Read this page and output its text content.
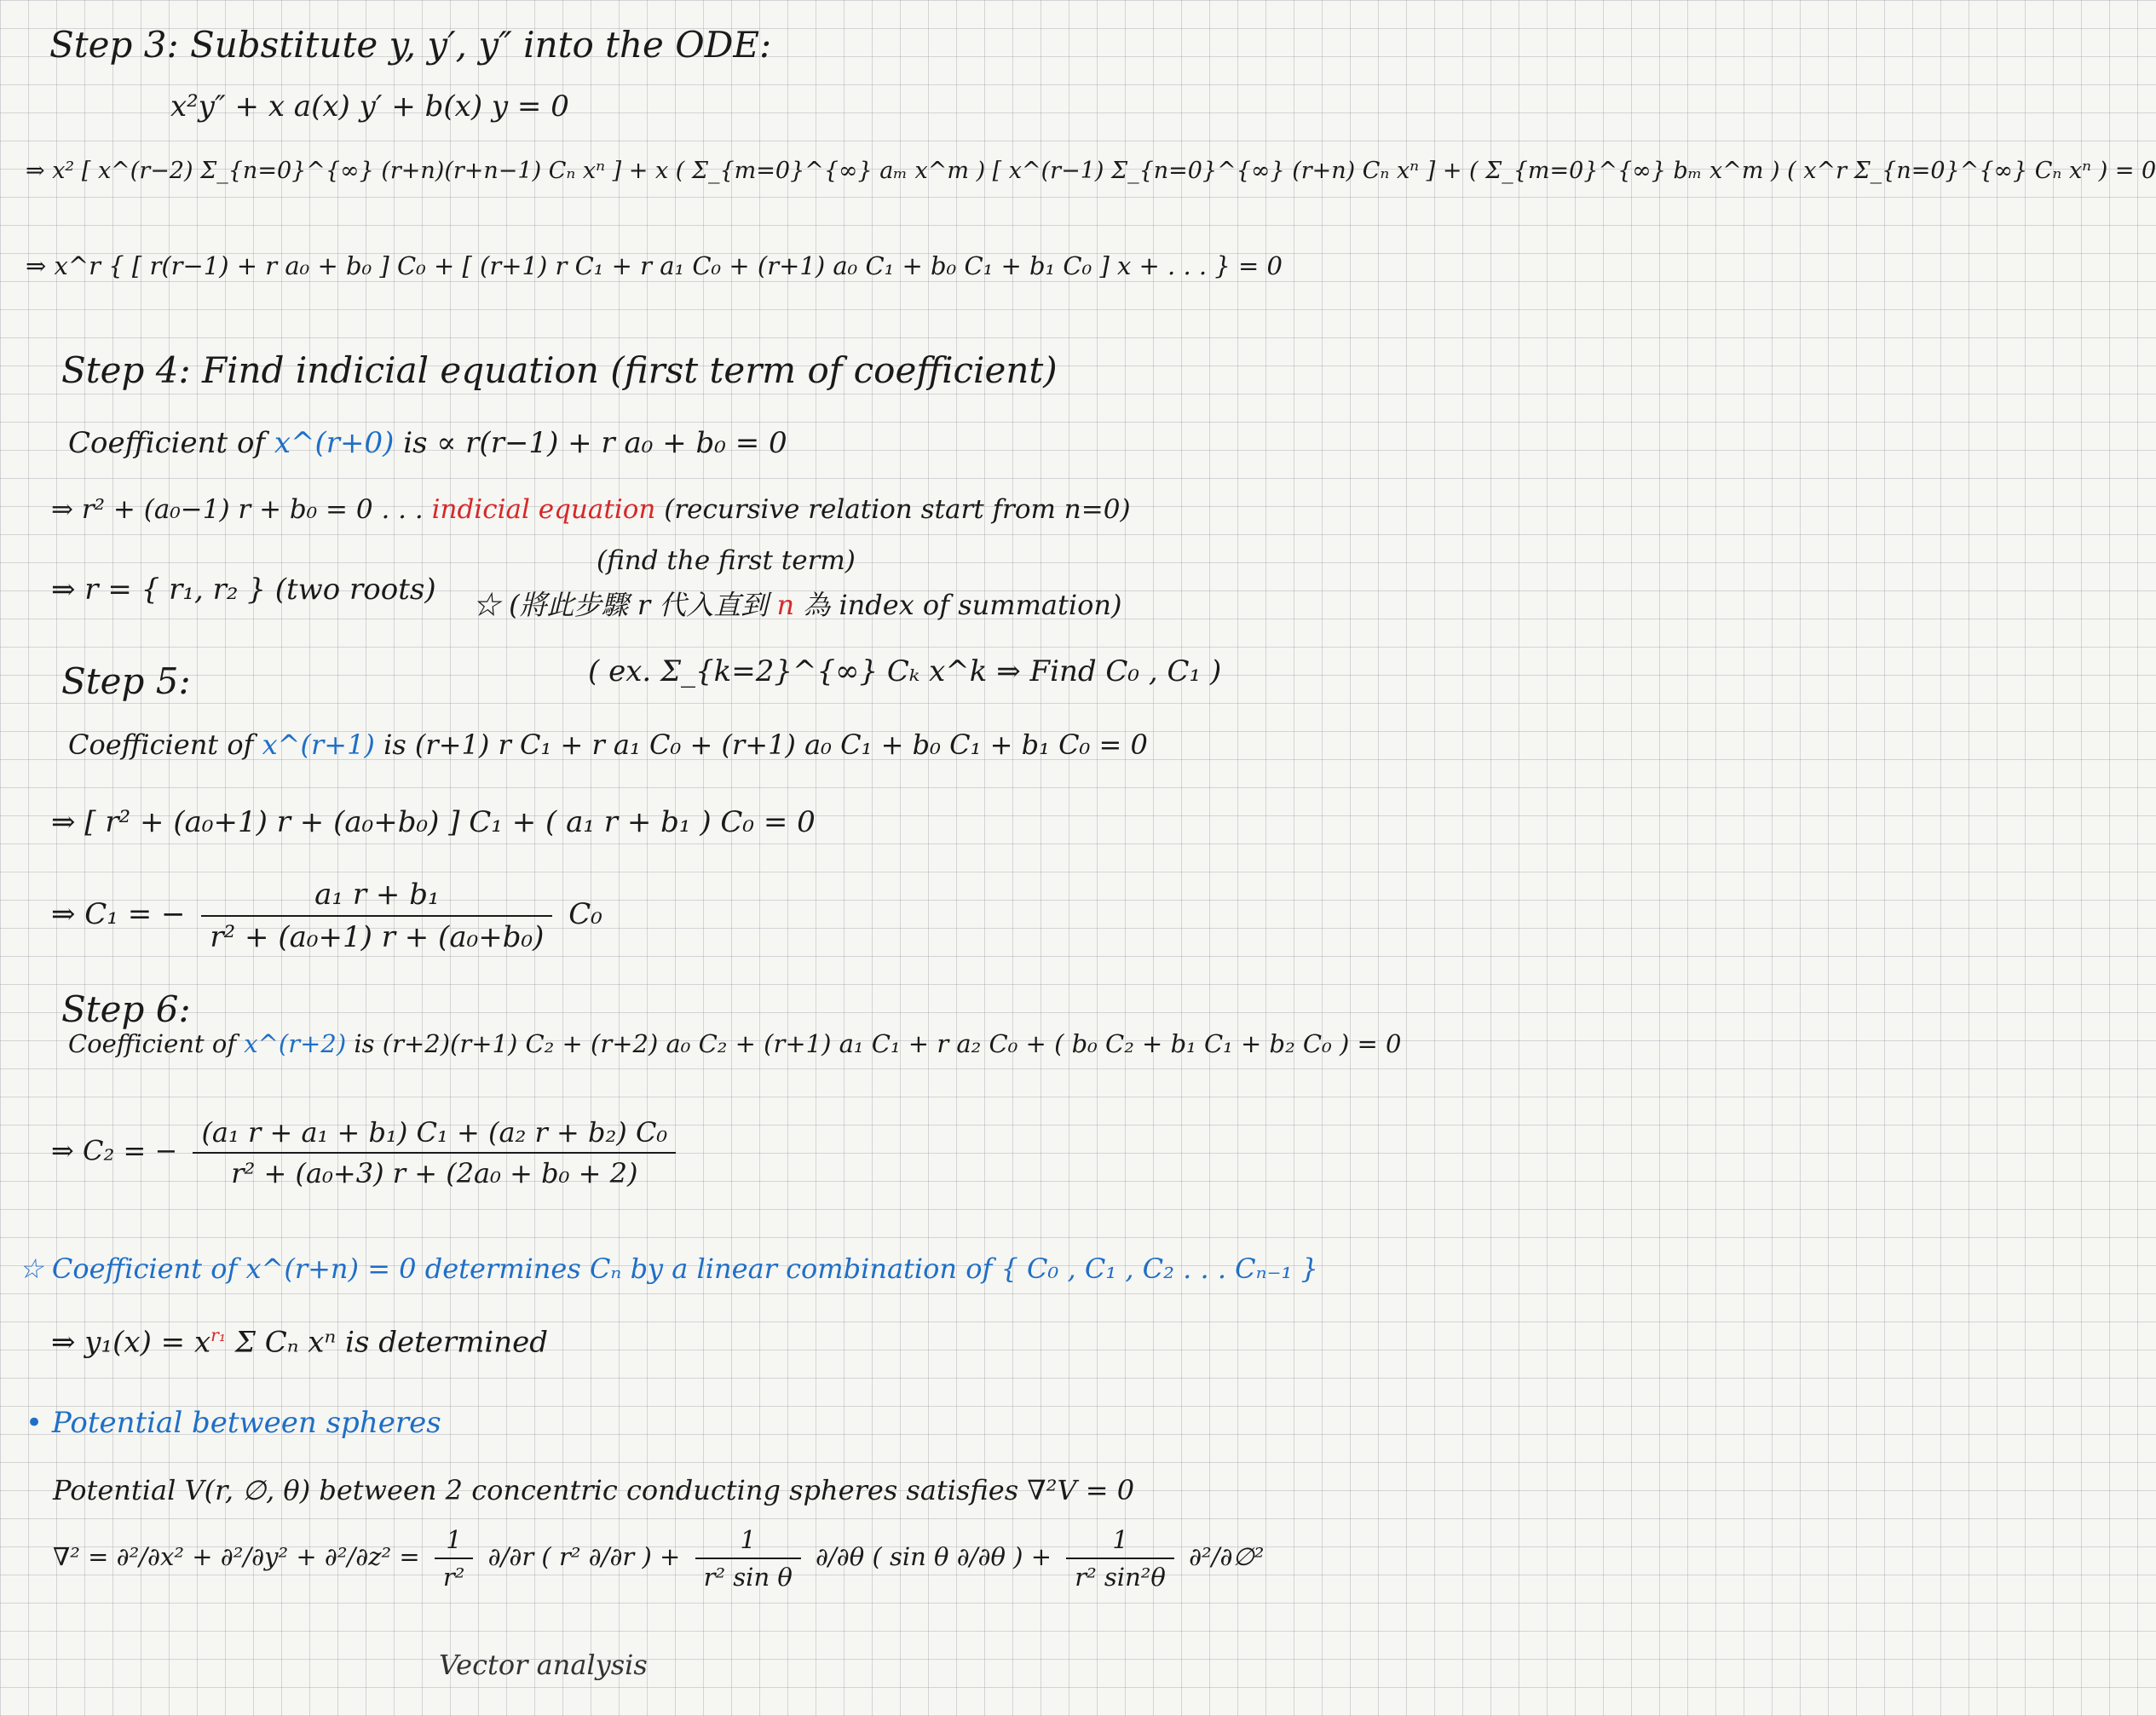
Step 3: Substitute y, y′, y″ into the ODE:
x²y″ + x a(x) y′ + b(x) y = 0
⇒ x² [ x^(r−2) Σ_{n=0}^{∞} (r+n)(r+n−1) Cₙ xⁿ ] + x ( Σ_{m=0}^{∞} aₘ x^m ) [ x^(r−1) Σ_{n=0}^{∞} (r+n) Cₙ xⁿ ] + ( Σ_{m=0}^{∞} bₘ x^m ) ( x^r Σ_{n=0}^{∞} Cₙ xⁿ ) = 0
⇒ x^r { [ r(r−1) + r a₀ + b₀ ] C₀ + [ (r+1) r C₁ + r a₁ C₀ + (r+1) a₀ C₁ + b₀ C₁ + b₁ C₀ ] x + . . . } = 0
Step 4: Find indicial equation (first term of coefficient)
Coefficient of x^(r+0) is ∝ r(r−1) + r a₀ + b₀ = 0
⇒ r² + (a₀−1) r + b₀ = 0 . . . indicial equation (recursive relation start from n=0)
(find the first term)
⇒ r = { r₁, r₂ } (two roots) ☆ (將此步驟 r 代入直到 n 為 index of summation)
( ex. Σ_{k=2}^{∞} Cₖ x^k ⇒ Find C₀ , C₁ )
Step 5:
Coefficient of x^(r+1) is (r+1) r C₁ + r a₁ C₀ + (r+1) a₀ C₁ + b₀ C₁ + b₁ C₀ = 0
⇒ [ r² + (a₀+1) r + (a₀+b₀) ] C₁ + ( a₁ r + b₁ ) C₀ = 0
⇒ C₁ = − $\frac{\text{a₁ r + b₁}}{\text{r² + (a₀+1) r + (a₀+b₀)}} C_0$
Step 6:
Coefficient of x^(r+2) is (r+2)(r+1) C₂ + (r+2) a₀ C₂ + (r+1) a₁ C₁ + r a₂ C₀ + ( b₀ C₂ + b₁ C₁ + b₂ C₀ ) = 0
⇒ C₂ = − $\frac{\text{(a₁ r + a₁ + b₁) C₁ + (a₂ r + b₂) C₀}}{\text{r² + (a₀+3) r + (2a₀ + b₀ + 2)}}$
☆ Coefficient of x^(r+n) = 0 determines Cₙ by a linear combination of { C₀ , C₁ , C₂ . . . Cₙ₋₁ }
⇒ $y_1(x) = x^{r_1}$ Σ Cₙ xⁿ is determined
• Potential between spheres
Potential V(r, ∅, θ) between 2 concentric conducting spheres satisfies ∇²V = 0
$\nabla^2 = \partial^2/\partial x^2 + \partial^2/\partial y^2 + \partial^2/\partial z^2 = \frac{1}{\text{r²}} \partial/\partial r$ ( r² ∂/∂r ) + $\frac{1}{\text{r² sin θ}} \partial/\partial\theta$ ( sin θ ∂/∂θ ) + $\frac{1}{\text{r² sin²θ}}$ ∂²/∂∅²
Vector analysis
